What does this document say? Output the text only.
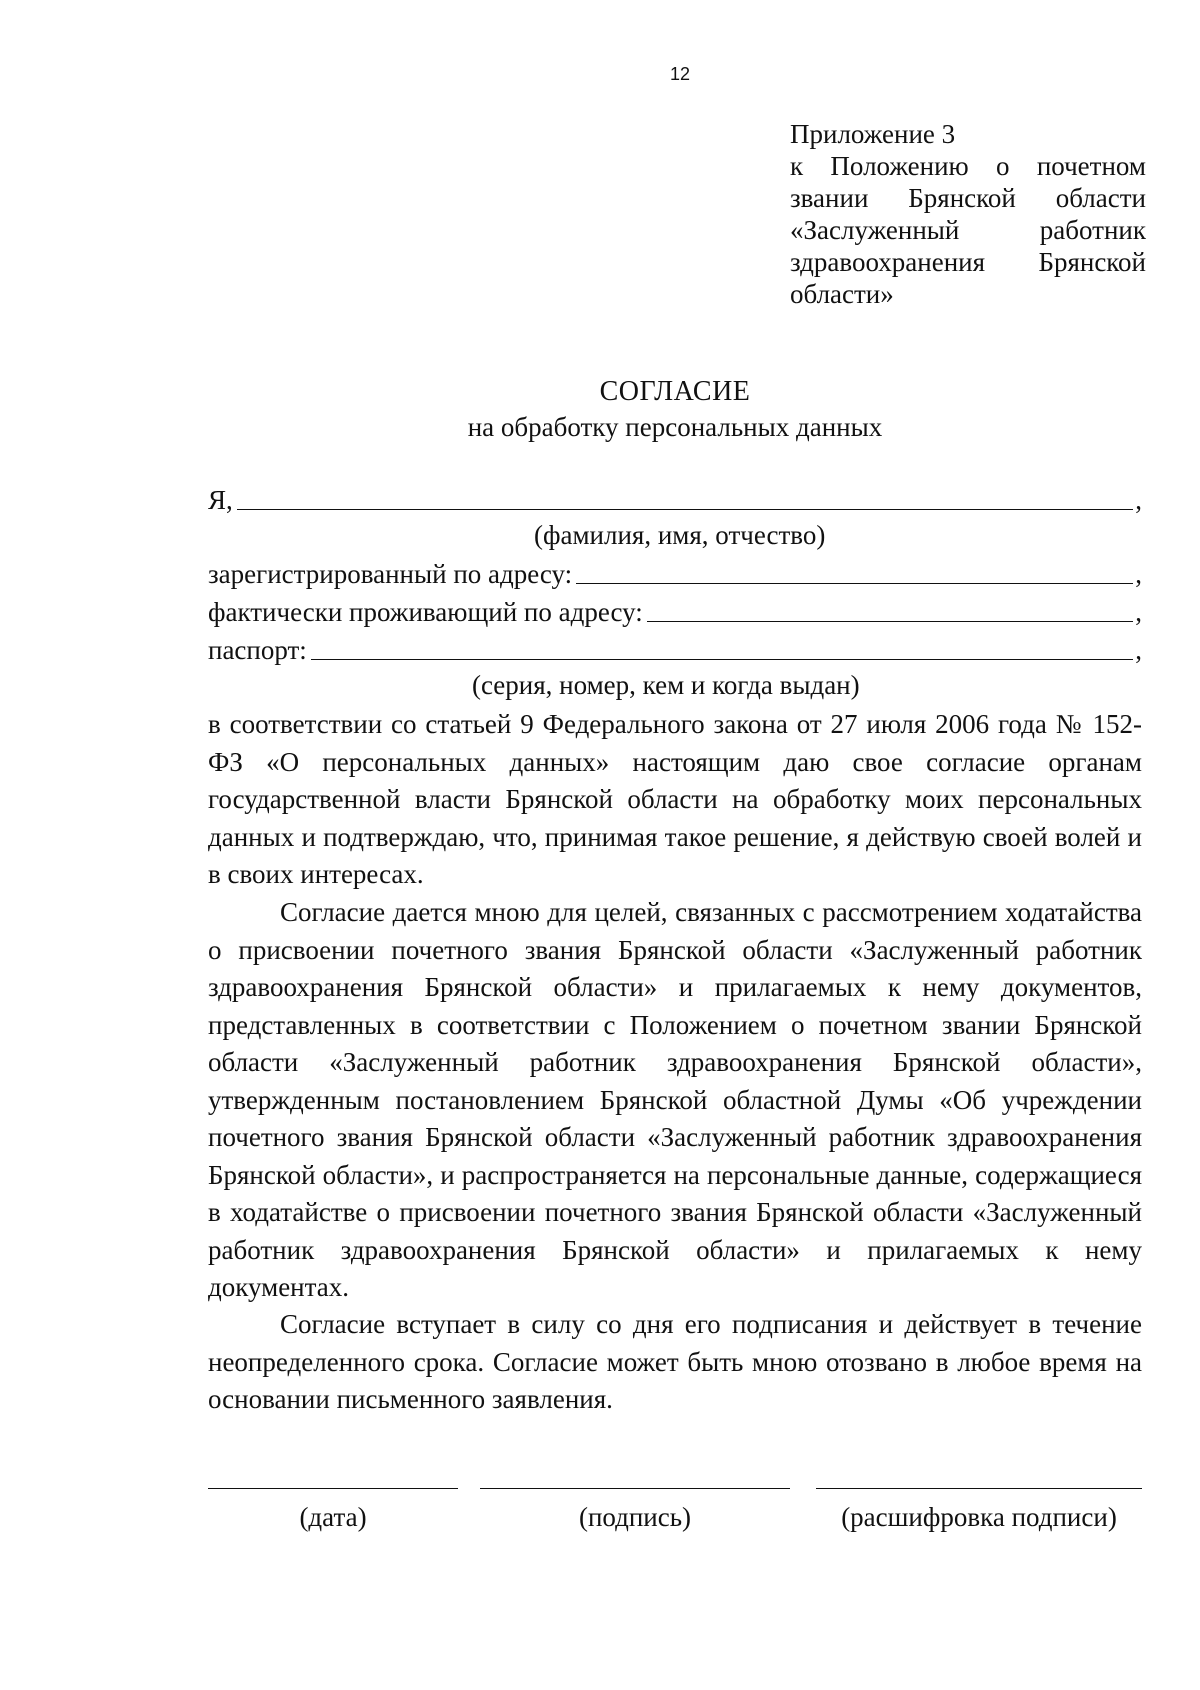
12
Приложение 3
к Положению о почетном
звании Брянской области
«Заслуженный работник
здравоохранения Брянской
области»
СОГЛАСИЕ
на обработку персональных данных
Я,	,
(фамилия, имя, отчество)
зарегистрированный по адресу:	,
фактически проживающий по адресу:	,
паспорт:	,
(серия, номер, кем и когда выдан)

в соответствии со статьей 9 Федерального закона от 27 июля 2006 года № 152-ФЗ «О персональных данных» настоящим даю свое согласие органам государственной власти Брянской области на обработку моих персональных данных и подтверждаю, что, принимая такое решение, я действую своей волей и в своих интересах.

Согласие дается мною для целей, связанных с рассмотрением ходатайства о присвоении почетного звания Брянской области «Заслуженный работник здравоохранения Брянской области» и прилагаемых к нему документов, представленных в соответствии с Положением о почетном звании Брянской области «Заслуженный работник здравоохранения Брянской области», утвержденным постановлением Брянской областной Думы «Об учреждении почетного звания Брянской области «Заслуженный работник здравоохранения Брянской области», и распространяется на персональные данные, содержащиеся в ходатайстве о присвоении почетного звания Брянской области «Заслуженный работник здравоохранения Брянской области» и прилагаемых к нему документах.

Согласие вступает в силу со дня его подписания и действует в течение неопределенного срока. Согласие может быть мною отозвано в любое время на основании письменного заявления.

(дата)	(подпись)	(расшифровка подписи)
